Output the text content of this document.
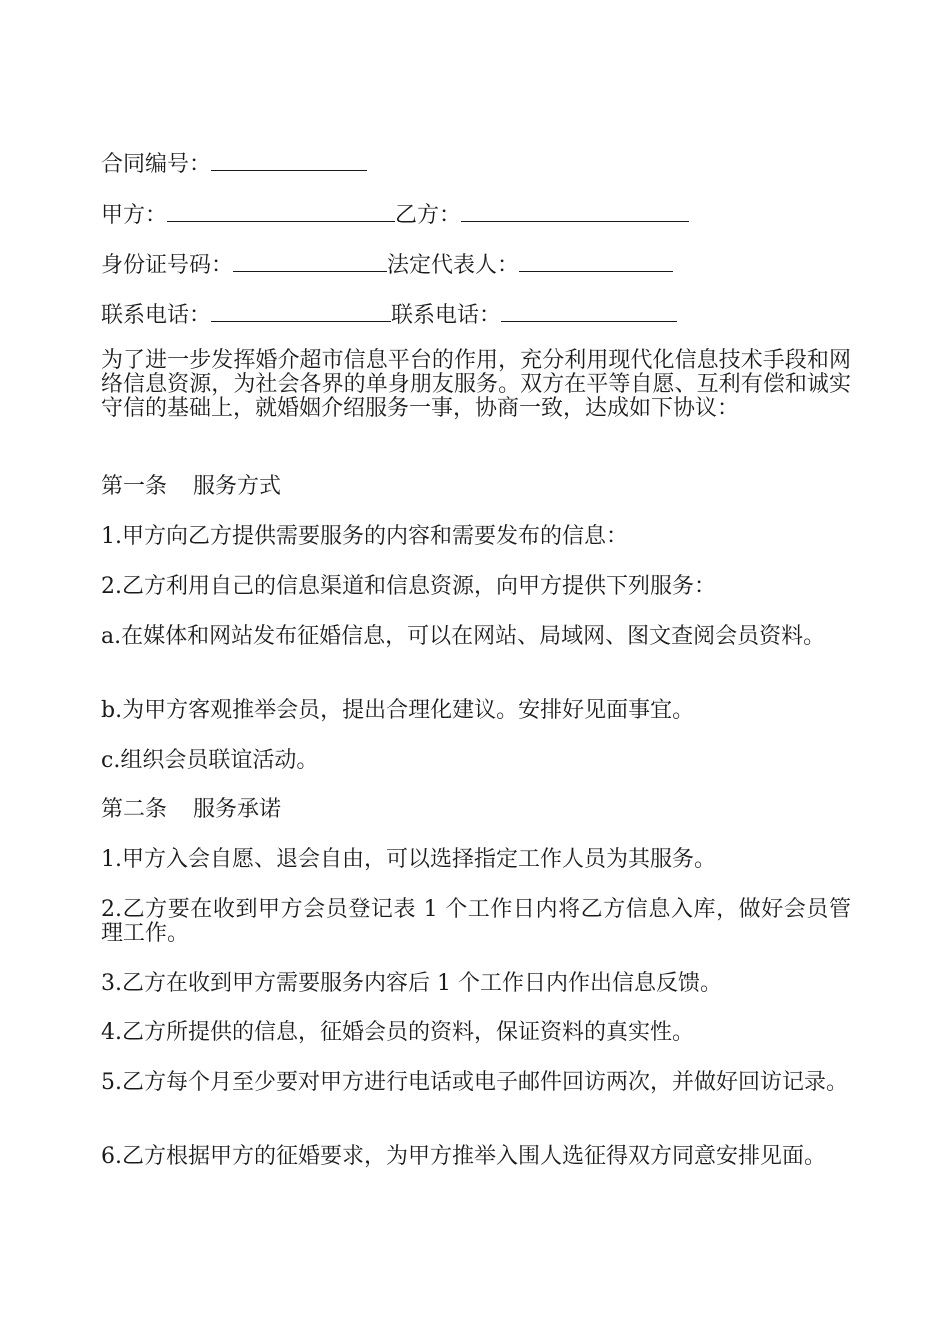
合同编号：
甲方：	乙方：
身份证号码：	法定代表人：
联系电话：	联系电话：
为了进一步发挥婚介超市信息平台的作用，充分利用现代化信息技术手段和网络信息资源，为社会各界的单身朋友服务。双方在平等自愿、互利有偿和诚实守信的基础上，就婚姻介绍服务一事，协商一致，达成如下协议：
第一条 服务方式
1.甲方向乙方提供需要服务的内容和需要发布的信息：
2.乙方利用自己的信息渠道和信息资源，向甲方提供下列服务：
a.在媒体和网站发布征婚信息，可以在网站、局域网、图文查阅会员资料。
b.为甲方客观推举会员，提出合理化建议。安排好见面事宜。
c.组织会员联谊活动。
第二条 服务承诺
1.甲方入会自愿、退会自由，可以选择指定工作人员为其服务。
2.乙方要在收到甲方会员登记表 1 个工作日内将乙方信息入库，做好会员管理工作。
3.乙方在收到甲方需要服务内容后 1 个工作日内作出信息反馈。
4.乙方所提供的信息，征婚会员的资料，保证资料的真实性。
5.乙方每个月至少要对甲方进行电话或电子邮件回访两次，并做好回访记录。
6.乙方根据甲方的征婚要求，为甲方推举入围人选征得双方同意安排见面。
